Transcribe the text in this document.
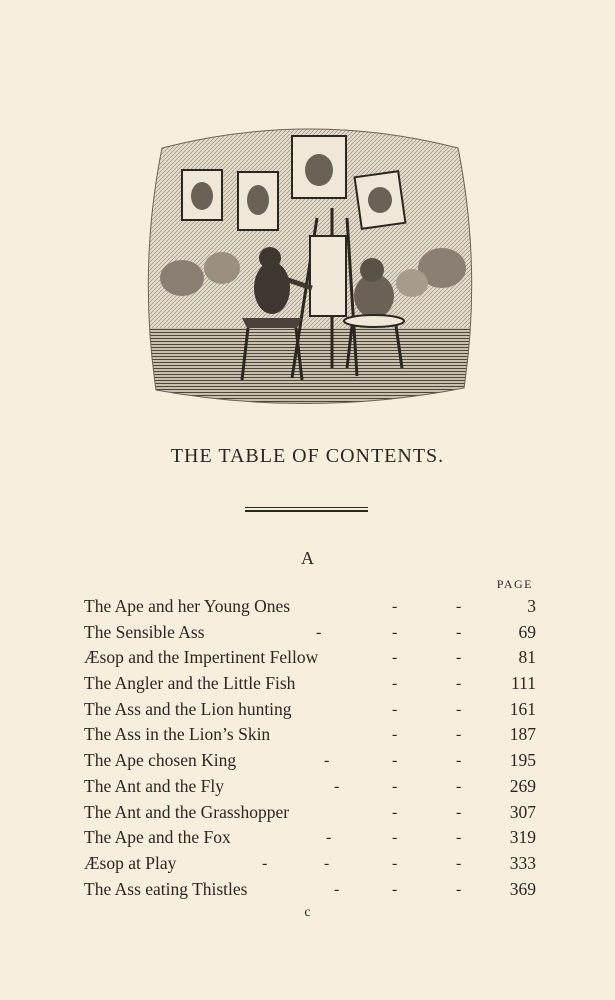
THE TABLE OF CONTENTS.
A
PAGE
The Ape and her Young Ones	-	-	3
The Sensible Ass	-	-	-	69
Æsop and the Impertinent Fellow	-	-	81
The Angler and the Little Fish	-	-	111
The Ass and the Lion hunting	-	-	161
The Ass in the Lion’s Skin	-	-	187
The Ape chosen King	-	-	-	195
The Ant and the Fly	-	-	-	269
The Ant and the Grasshopper	-	-	307
The Ape and the Fox	-	-	-	319
Æsop at Play	-	-	-	-	333
The Ass eating Thistles	-	-	-	369
c
